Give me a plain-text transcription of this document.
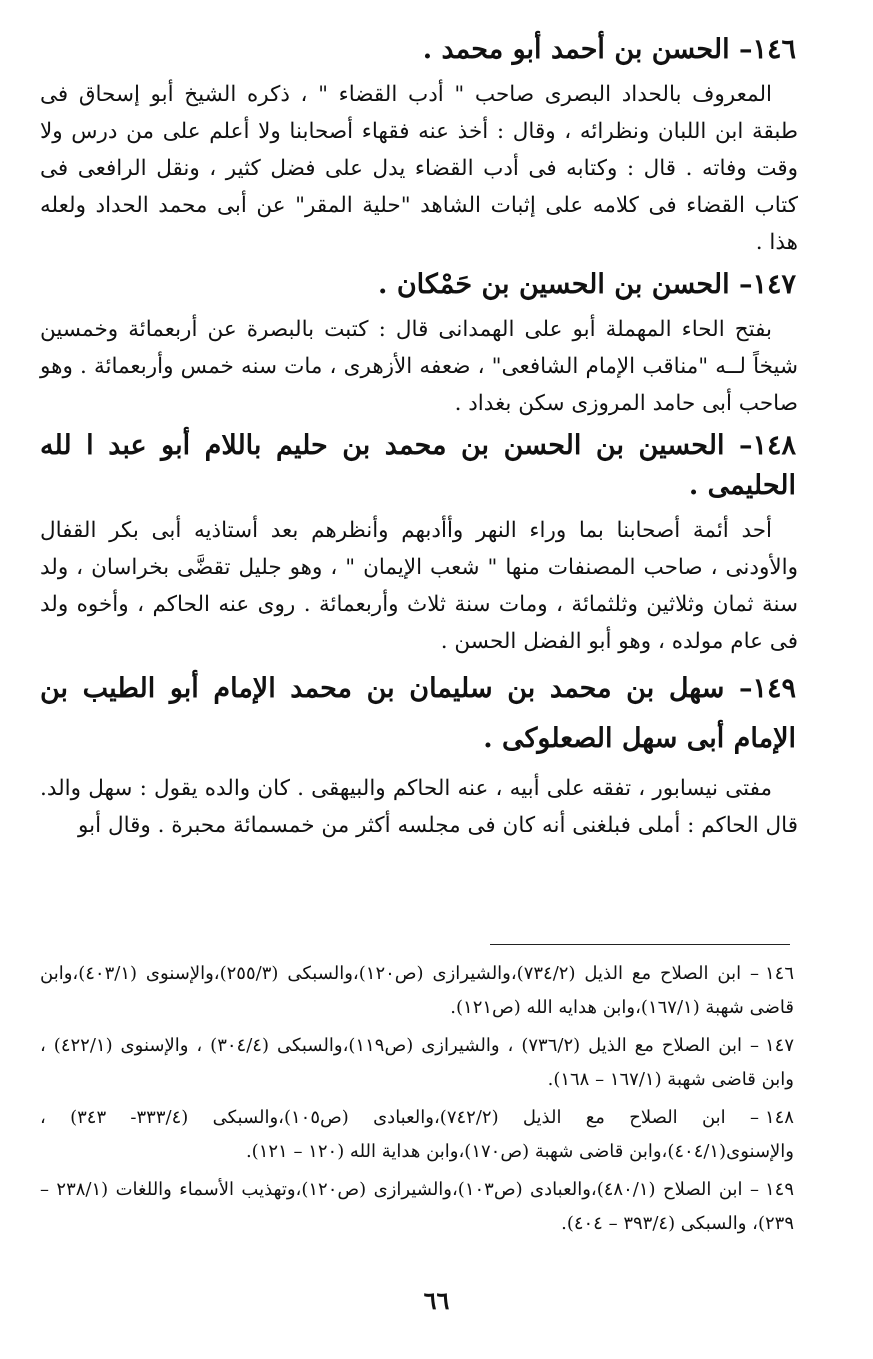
١٤٦– الحسن بن أحمد أبو محمد .

المعروف بالحداد البصرى صاحب " أدب القضاء " ، ذكره الشيخ أبو إسحاق فى طبقة ابن اللبان ونظرائه ، وقال : أخذ عنه فقهاء أصحابنا ولا أعلم على من درس ولا وقت وفاته . قال : وكتابه فى أدب القضاء يدل على فضل كثير ، ونقل الرافعى فى كتاب القضاء فى كلامه على إثبات الشاهد "حلية المقر" عن أبى محمد الحداد ولعله هذا .

١٤٧– الحسن بن الحسين بن حَمْكان .

بفتح الحاء المهملة أبو على الهمدانى قال : كتبت بالبصرة عن أربعمائة وخمسين شيخاً لــه "مناقب الإمام الشافعى" ، ضعفه الأزهرى ، مات سنه خمس وأربعمائة . وهو صاحب أبى حامد المروزى سكن بغداد .

١٤٨– الحسين بن الحسن بن محمد بن حليم باللام أبو عبد ا لله الحليمى .

أحد أئمة أصحابنا بما وراء النهر وأأدبهم وأنظرهم بعد أستاذيه أبى بكر القفال والأودنى ، صاحب المصنفات منها " شعب الإيمان " ، وهو جليل تقضَّى بخراسان ، ولد سنة ثمان وثلاثين وثلثمائة ، ومات سنة ثلاث وأربعمائة . روى عنه الحاكم ، وأخوه ولد فى عام مولده ، وهو أبو الفضل الحسن .

١٤٩– سهل بن محمد بن سليمان بن محمد الإمام أبو الطيب بن الإمام أبى سهل الصعلوكى .

مفتى نيسابور ، تفقه على أبيه ، عنه الحاكم والبيهقى . كان والده يقول : سهل والد. قال الحاكم : أملى فبلغنى أنه كان فى مجلسه أكثر من خمسمائة محبرة . وقال أبو

١٤٦– ابن الصلاح مع الذيل (٧٣٤/٢)،والشيرازى (ص١٢٠)،والسبكى (٢٥٥/٣)،والإسنوى (٤٠٣/١)،وابن قاضى شهبة (١٦٧/١)،وابن هدايه الله (ص١٢١).

١٤٧– ابن الصلاح مع الذيل (٧٣٦/٢) ، والشيرازى (ص١١٩)،والسبكى (٣٠٤/٤) ، والإسنوى (٤٢٢/١) ، وابن قاضى شهبة (١٦٧/١ – ١٦٨).

١٤٨– ابن الصلاح مع الذيل (٧٤٢/٢)،والعبادى (ص١٠٥)،والسبكى (٣٣٣/٤- ٣٤٣) ، والإسنوى(٤٠٤/١)،وابن قاضى شهبة (ص١٧٠)،وابن هداية الله (١٢٠ – ١٢١).

١٤٩– ابن الصلاح (٤٨٠/١)،والعبادى (ص١٠٣)،والشيرازى (ص١٢٠)،وتهذيب الأسماء واللغات (٢٣٨/١ – ٢٣٩)، والسبكى (٣٩٣/٤ – ٤٠٤).

٦٦
